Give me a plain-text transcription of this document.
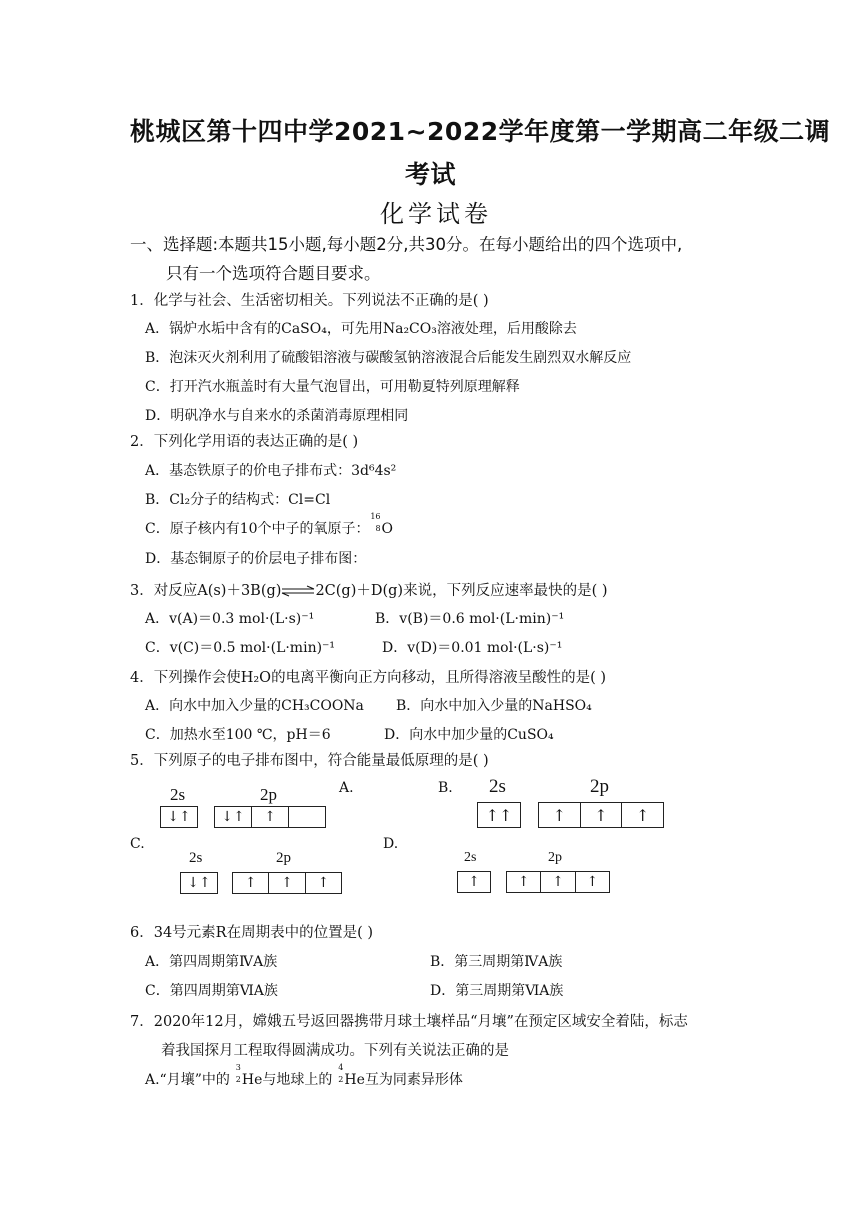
桃城区第十四中学2021~2022学年度第一学期高二年级二调
考试
化学试卷
一、选择题:本题共15小题,每小题2分,共30分。在每小题给出的四个选项中,
只有一个选项符合题目要求。
1．化学与社会、生活密切相关。下列说法不正确的是( )
A．锅炉水垢中含有的CaSO₄，可先用Na₂CO₃溶液处理，后用酸除去
B．泡沫灭火剂利用了硫酸铝溶液与碳酸氢钠溶液混合后能发生剧烈双水解反应
C．打开汽水瓶盖时有大量气泡冒出，可用勒夏特列原理解释
D．明矾净水与自来水的杀菌消毒原理相同
2．下列化学用语的表达正确的是( )
A．基态铁原子的价电子排布式：3d⁶4s²
B．Cl₂分子的结构式：Cl=Cl
C．原子核内有10个中子的氧原子：
16
8 O
D．基态铜原子的价层电子排布图：
3．对反应A(s)＋3B(g)⇌2C(g)＋D(g)来说，下列反应速率最快的是( )
A．v(A)＝0.3 mol·(L·s)⁻¹	B．v(B)＝0.6 mol·(L·min)⁻¹
C．v(C)＝0.5 mol·(L·min)⁻¹	D．v(D)＝0.01 mol·(L·s)⁻¹
4．下列操作会使H₂O的电离平衡向正方向移动，且所得溶液呈酸性的是( )
A．向水中加入少量的CH₃COONa B．向水中加入少量的NaHSO₄
C．加热水至100 ℃，pH＝6	D．向水中加少量的CuSO₄
5．下列原子的电子排布图中，符合能量最低原理的是( )
A.
2s	2p
↓↑	↓↑	↑
B. 2s	2p
↑↑	↑	↑	↑
C.
2s	2p
↓↑	↑	↑	↑
D.
2s	2p
↑	↑	↑	↑
6．34号元素R在周期表中的位置是( )
A．第四周期第ⅣA族	B．第三周期第ⅣA族
C．第四周期第ⅥA族	D．第三周期第ⅥA族
7．2020年12月，嫦娥五号返回器携带月球土壤样品“月壤”在预定区域安全着陆，标志
着我国探月工程取得圆满成功。下列有关说法正确的是
A.“月壤”中的
3
2 He与地球上的
4
2 He互为同素异形体
